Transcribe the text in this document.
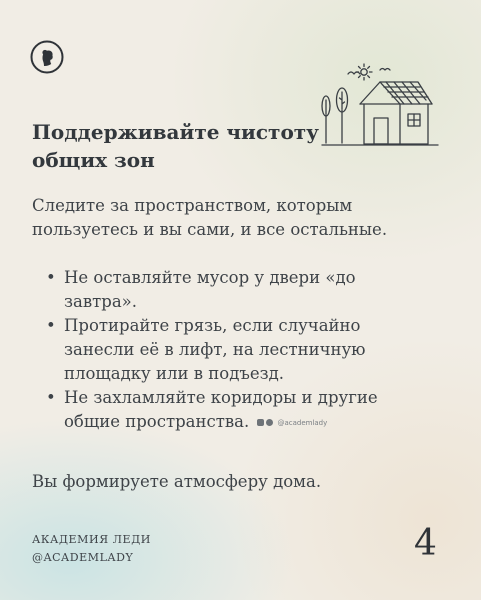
Поддерживайте чистоту
общих зон
Следите за пространством, которым
пользуетесь и вы сами, и все остальные.
• Не оставляйте мусор у двери «до
завтра».
• Протирайте грязь, если случайно
занесли её в лифт, на лестничную
площадку или в подъезд.
• Не захламляйте коридоры и другие
общие пространства.	@academlady
Вы формируете атмосферу дома.
АКАДЕМИЯ ЛЕДИ
@ACADEMLADY	4
